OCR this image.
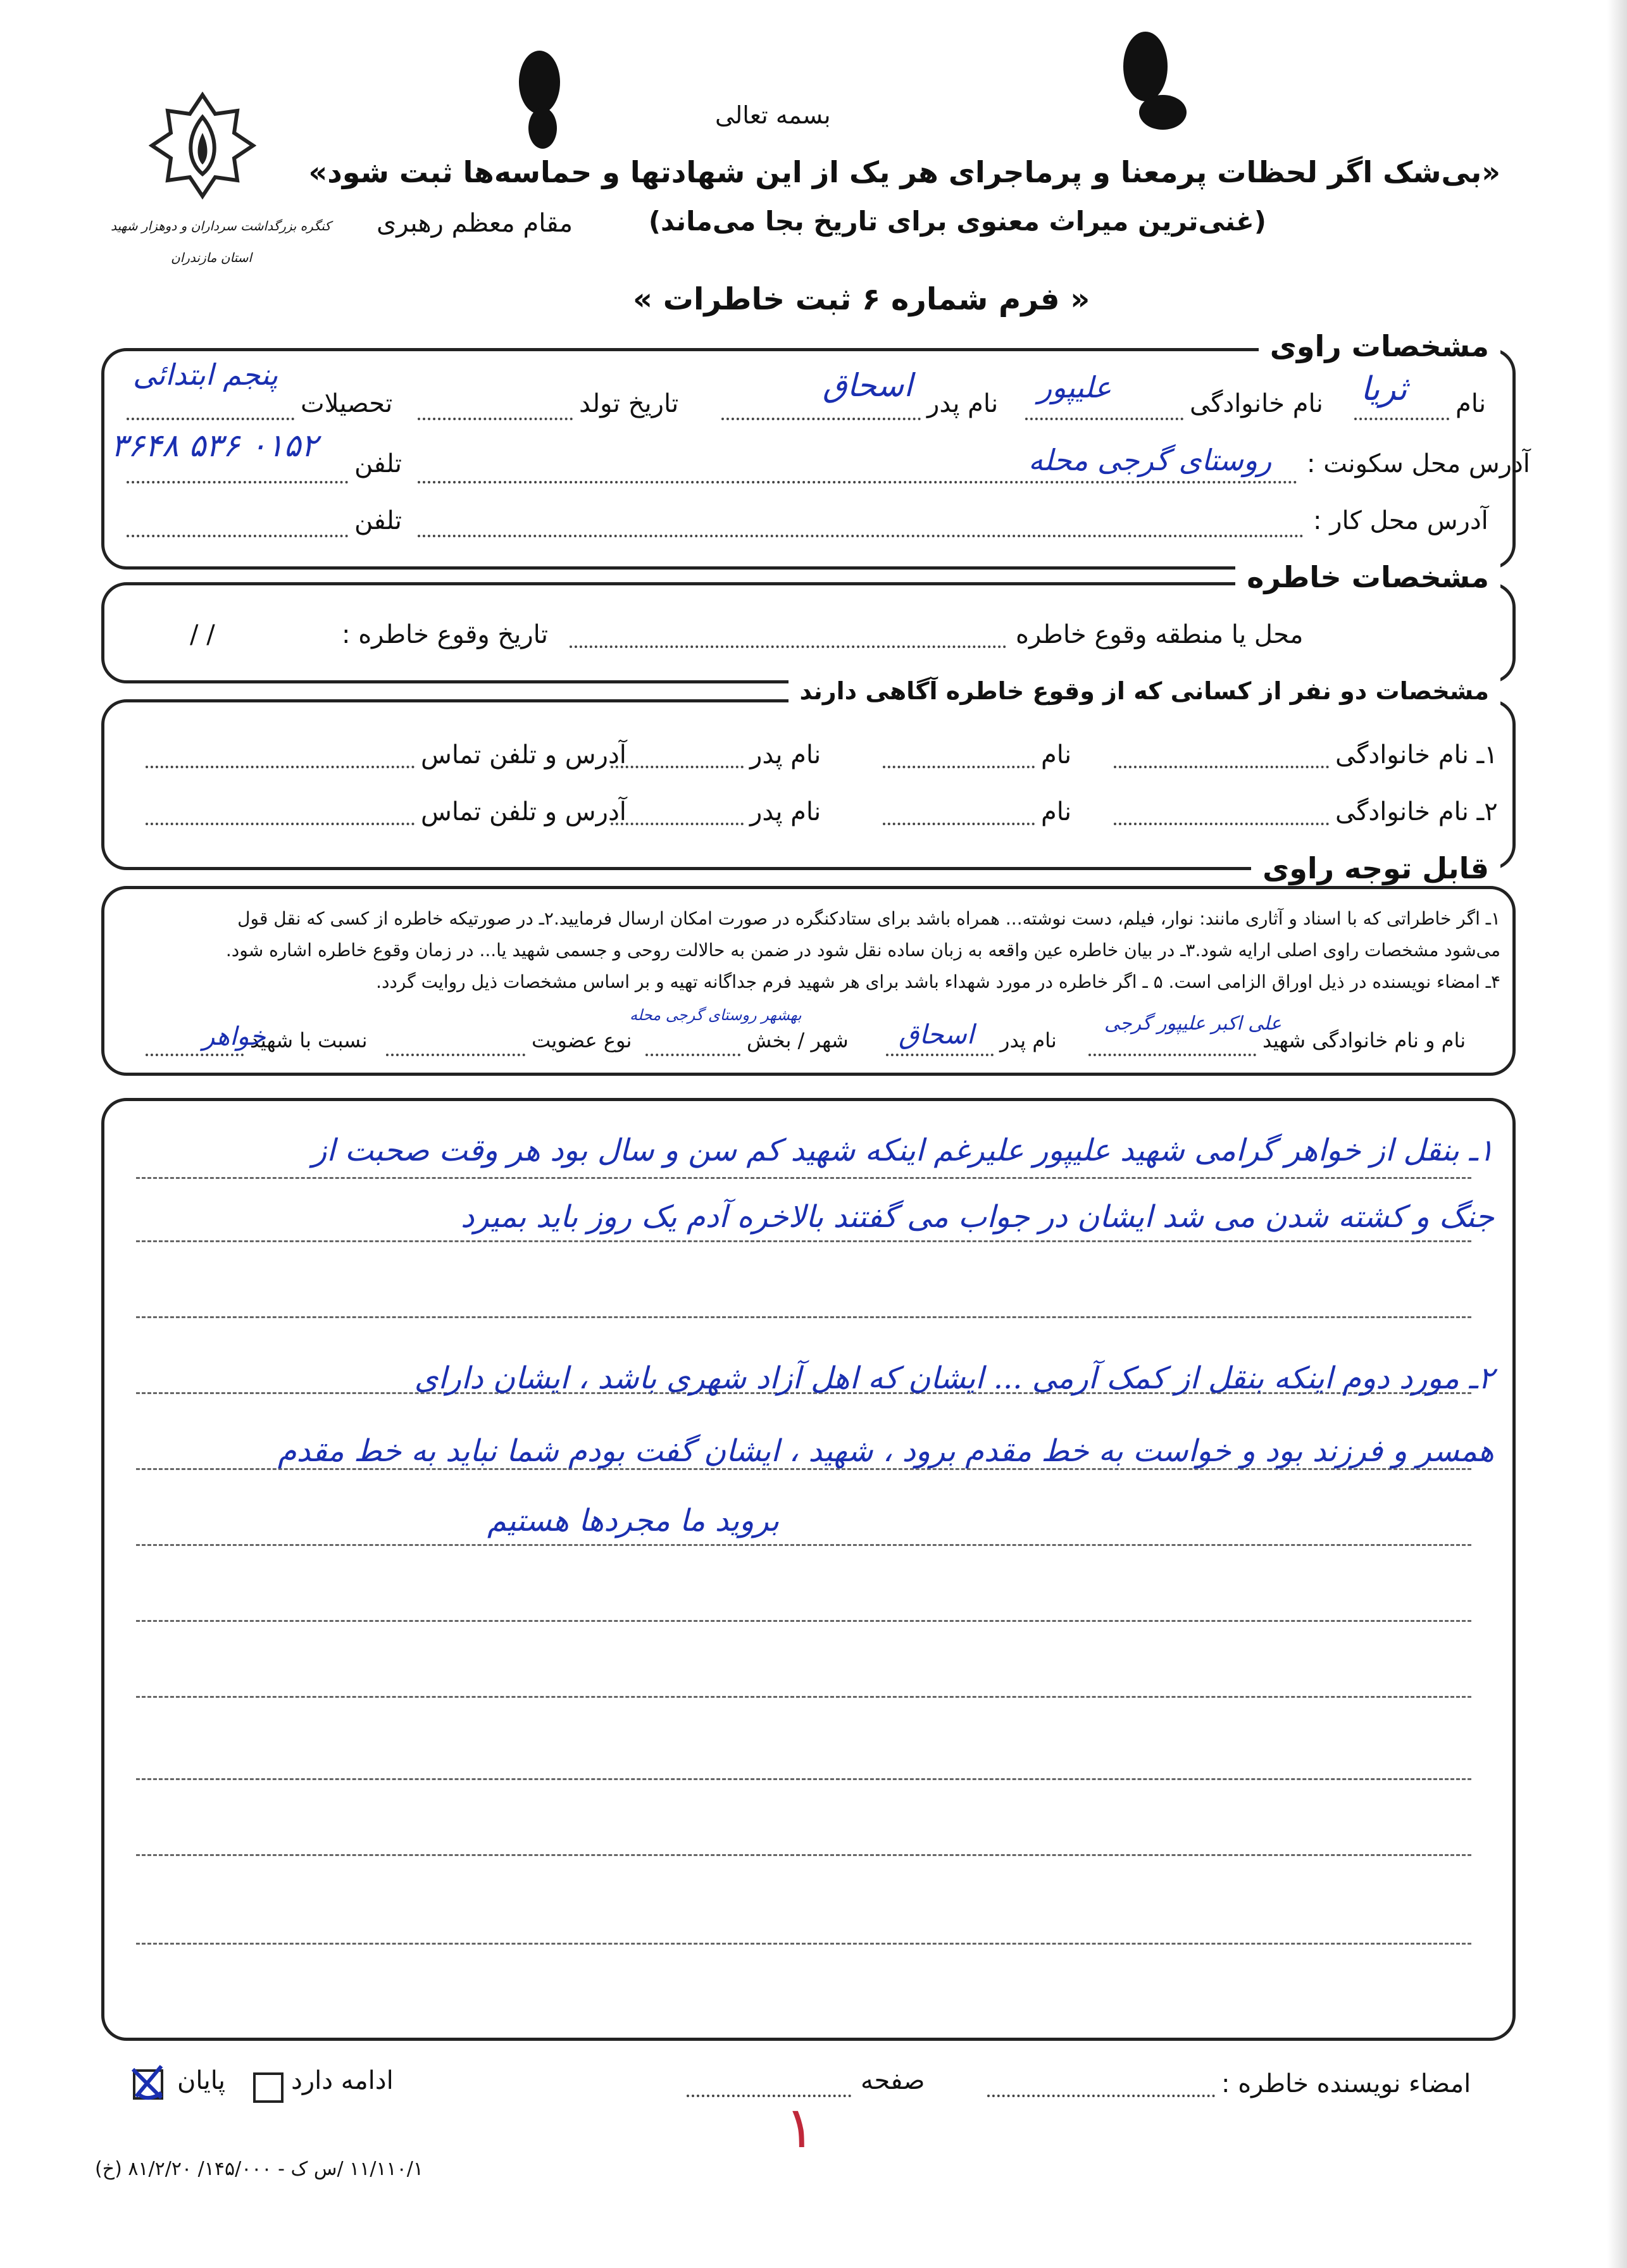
بسمه تعالی
کنگره بزرگداشت سرداران و دوهزار شهید
استان مازندران
«بی‌شک اگر لحظات پرمعنا و پرماجرای هر یک از این شهادتها و حماسه‌ها ثبت شود»
(غنی‌ترین میراث معنوی برای تاریخ بجا می‌ماند)
مقام معظم رهبری
« فرم شماره ۶ ثبت خاطرات »
مشخصات راوی
نام
ثریا
نام خانوادگی
علیپور
نام پدر
اسحاق
تاریخ تولد
تحصیلات
پنجم ابتدائی
آدرس محل سکونت :
روستای گرجی محله
تلفن
۰۱۵۲ ۵۳۶ ۳۶۴۸
آدرس محل کار :
تلفن
مشخصات خاطره
محل یا منطقه وقوع خاطره
تاریخ وقوع خاطره :
/ /
مشخصات دو نفر از کسانی که از وقوع خاطره آگاهی دارند
۱ـ نام خانوادگی
نام
نام پدر
آدرس و تلفن تماس
۲ـ نام خانوادگی
نام
نام پدر
آدرس و تلفن تماس
قابل توجه راوی
۱ـ اگر خاطراتی که با اسناد و آثاری مانند: نوار، فیلم، دست نوشته... همراه باشد برای ستادکنگره در صورت امکان ارسال فرمایید.۲ـ در صورتیکه خاطره از کسی که نقل قول
می‌شود مشخصات راوی اصلی ارایه شود.۳ـ در بیان خاطره عین واقعه به زبان ساده نقل شود در ضمن به حالالت روحی و جسمی شهید یا... در زمان وقوع خاطره اشاره شود.
۴ـ امضاء نویسنده در ذیل اوراق الزامی است. ۵ ـ اگر خاطره در مورد شهداء باشد برای هر شهید فرم جداگانه تهیه و بر اساس مشخصات ذیل روایت گردد.
نام و نام خانوادگی شهید
علی اکبر علیپور گرجی
نام پدر
اسحاق
شهر / بخش
بهشهر روستای گرجی محله
نوع عضویت
نسبت با شهید
خواهر
۱ـ بنقل از خواهر گرامی شهید علیپور علیرغم اینکه شهید کم سن و سال بود هر وقت صحبت از
جنگ و کشته شدن می شد ایشان در جواب می گفتند بالاخره آدم یک روز باید بمیرد
۲ـ مورد دوم اینکه بنقل از کمک آرمی ... ایشان که اهل آزاد شهری باشد ، ایشان دارای
همسر و فرزند بود و خواست به خط مقدم برود ، شهید ، ایشان گفت بودم شما نباید به خط مقدم
بروید ما مجردها هستیم
پایان	ادامه دارد	صفحه
۱
امضاء نویسنده خاطره :
۱۱/۱۱۰/۱ /س ک - ۱۴۵/۰۰۰/ ۸۱/۲/۲۰ (خ)
